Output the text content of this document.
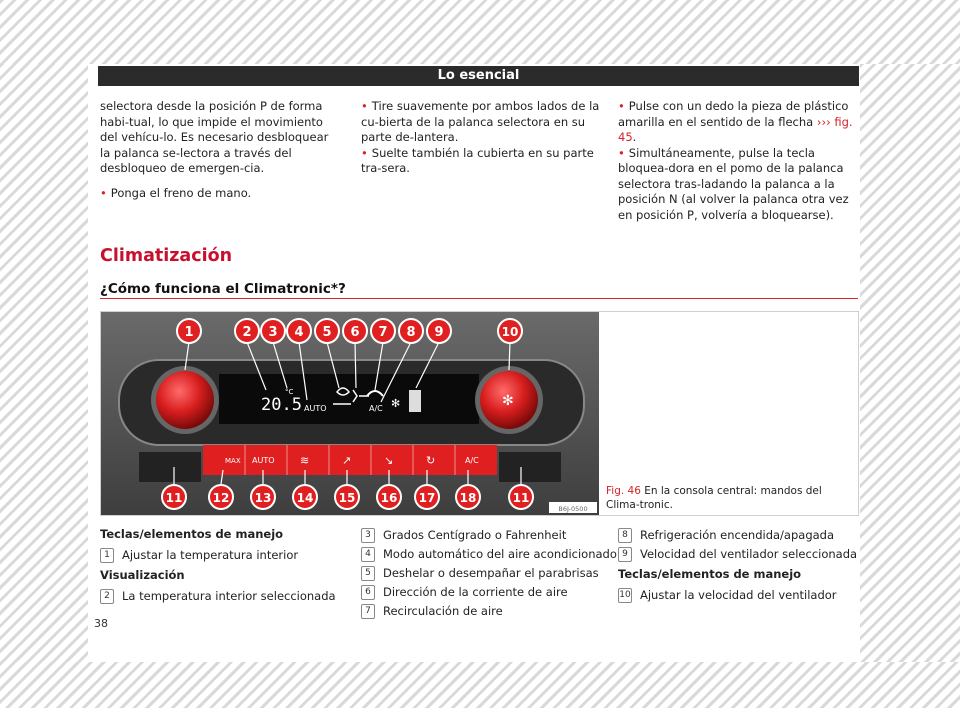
Lo esencial

selectora desde la posición P de forma habi-tual, lo que impide el movimiento del vehícu-lo. Es necesario desbloquear la palanca se-lectora a través del desbloqueo de emergen-cia.

• Ponga el freno de mano.

• Tire suavemente por ambos lados de la cu-bierta de la palanca selectora en su parte de-lantera.

• Suelte también la cubierta en su parte tra-sera.

• Pulse con un dedo la pieza de plástico amarilla en el sentido de la flecha ››› fig. 45.

• Simultáneamente, pulse la tecla bloquea-dora en el pomo de la palanca selectora tras-ladando la palanca a la posición N (al volver la palanca otra vez en posición P, volvería a bloquearse).

Climatización
¿Cómo funciona el Climatronic*?
20.5
°C
AUTO	A/C ✻	✻
MAX AUTO ≋	↗	↘	↻	A/C
1	2 3 4 5 6 7 8 9	10
11	12 13 14 15 16 17 18	11
B6J-0500
Fig. 46 En la consola central: mandos del Clima-tronic.
Teclas/elementos de manejo
1 Ajustar la temperatura interior
Visualización
2 La temperatura interior seleccionada
3 Grados Centígrado o Fahrenheit
4 Modo automático del aire acondicionado
5 Deshelar o desempañar el parabrisas
6 Dirección de la corriente de aire
7 Recirculación de aire
8 Refrigeración encendida/apagada
9 Velocidad del ventilador seleccionada
Teclas/elementos de manejo
10 Ajustar la velocidad del ventilador
38
